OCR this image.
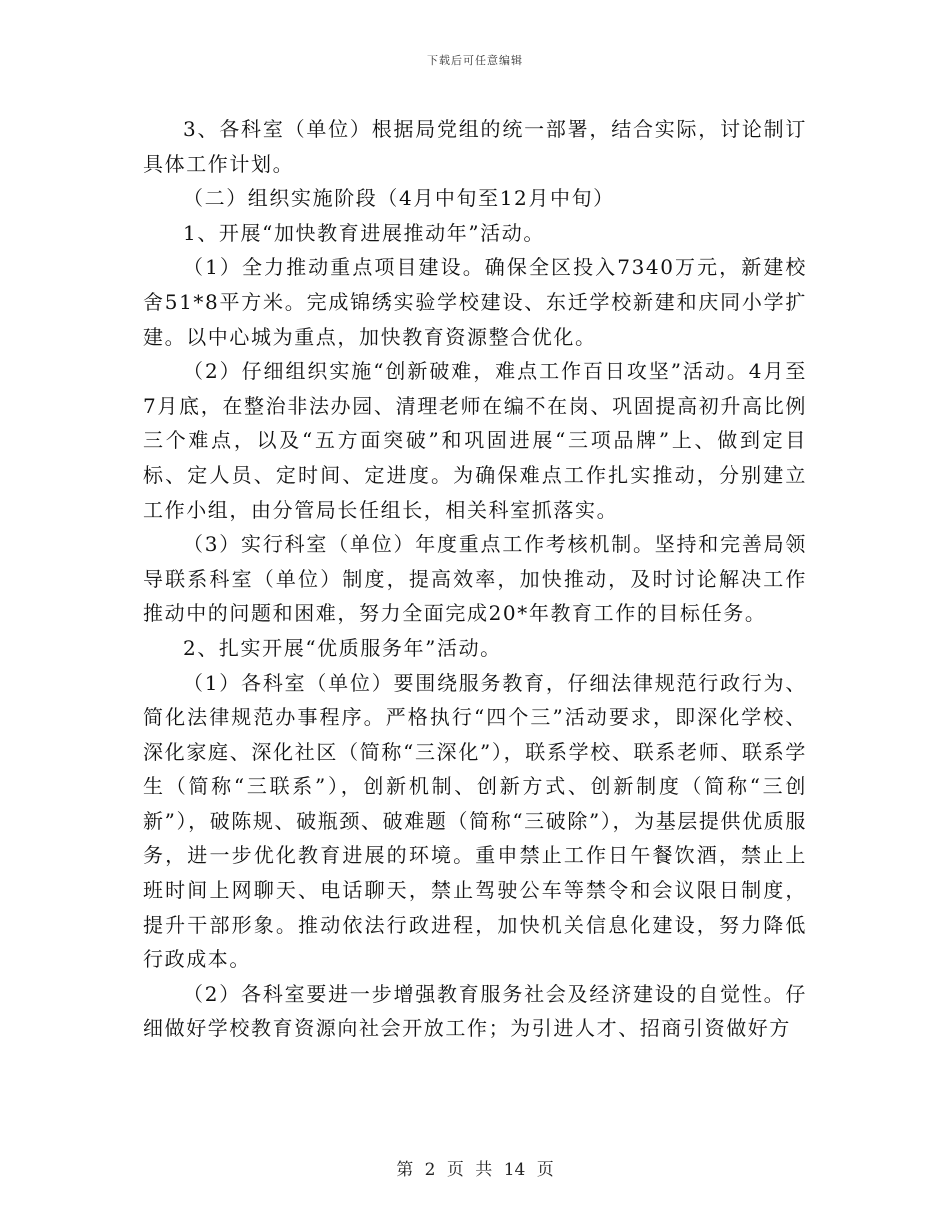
下载后可任意编辑

3、各科室（单位）根据局党组的统一部署，结合实际，讨论制订具体工作计划。

（二）组织实施阶段（4月中旬至12月中旬）

1、开展“加快教育进展推动年”活动。

（1）全力推动重点项目建设。确保全区投入7340万元，新建校舍51*8平方米。完成锦绣实验学校建设、东迁学校新建和庆同小学扩建。以中心城为重点，加快教育资源整合优化。

（2）仔细组织实施“创新破难，难点工作百日攻坚”活动。4月至7月底，在整治非法办园、清理老师在编不在岗、巩固提高初升高比例三个难点，以及“五方面突破”和巩固进展“三项品牌”上、做到定目标、定人员、定时间、定进度。为确保难点工作扎实推动，分别建立工作小组，由分管局长任组长，相关科室抓落实。

（3）实行科室（单位）年度重点工作考核机制。坚持和完善局领导联系科室（单位）制度，提高效率，加快推动，及时讨论解决工作推动中的问题和困难，努力全面完成20*年教育工作的目标任务。

2、扎实开展“优质服务年”活动。

（1）各科室（单位）要围绕服务教育，仔细法律规范行政行为、简化法律规范办事程序。严格执行“四个三”活动要求，即深化学校、深化家庭、深化社区（简称“三深化”），联系学校、联系老师、联系学生（简称“三联系”），创新机制、创新方式、创新制度（简称“三创新”），破陈规、破瓶颈、破难题（简称“三破除”），为基层提供优质服务，进一步优化教育进展的环境。重申禁止工作日午餐饮酒，禁止上班时间上网聊天、电话聊天，禁止驾驶公车等禁令和会议限日制度，提升干部形象。推动依法行政进程，加快机关信息化建设，努力降低行政成本。

（2）各科室要进一步增强教育服务社会及经济建设的自觉性。仔细做好学校教育资源向社会开放工作；为引进人才、招商引资做好方

第 2 页 共 14 页
